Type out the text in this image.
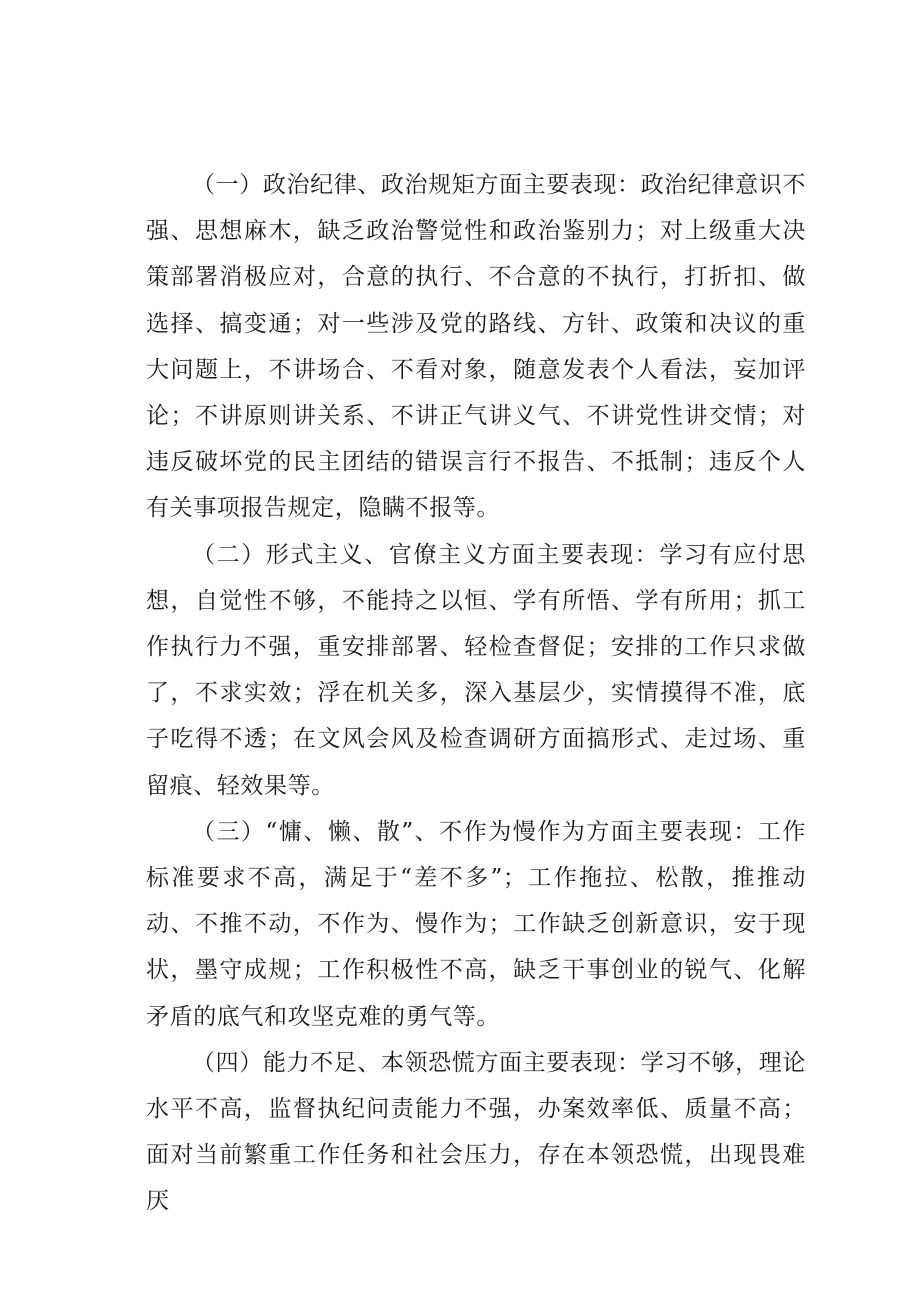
（一）政治纪律、政治规矩方面主要表现：政治纪律意识不强、思想麻木，缺乏政治警觉性和政治鉴别力；对上级重大决策部署消极应对，合意的执行、不合意的不执行，打折扣、做选择、搞变通；对一些涉及党的路线、方针、政策和决议的重大问题上，不讲场合、不看对象，随意发表个人看法，妄加评论；不讲原则讲关系、不讲正气讲义气、不讲党性讲交情；对违反破坏党的民主团结的错误言行不报告、不抵制；违反个人有关事项报告规定，隐瞒不报等。

（二）形式主义、官僚主义方面主要表现：学习有应付思想，自觉性不够，不能持之以恒、学有所悟、学有所用；抓工作执行力不强，重安排部署、轻检查督促；安排的工作只求做了，不求实效；浮在机关多，深入基层少，实情摸得不准，底子吃得不透；在文风会风及检查调研方面搞形式、走过场、重留痕、轻效果等。

（三）“慵、懒、散”、不作为慢作为方面主要表现：工作标准要求不高，满足于“差不多”；工作拖拉、松散，推推动动、不推不动，不作为、慢作为；工作缺乏创新意识，安于现状，墨守成规；工作积极性不高，缺乏干事创业的锐气、化解矛盾的底气和攻坚克难的勇气等。

（四）能力不足、本领恐慌方面主要表现：学习不够，理论水平不高，监督执纪问责能力不强，办案效率低、质量不高；面对当前繁重工作任务和社会压力，存在本领恐慌，出现畏难厌
